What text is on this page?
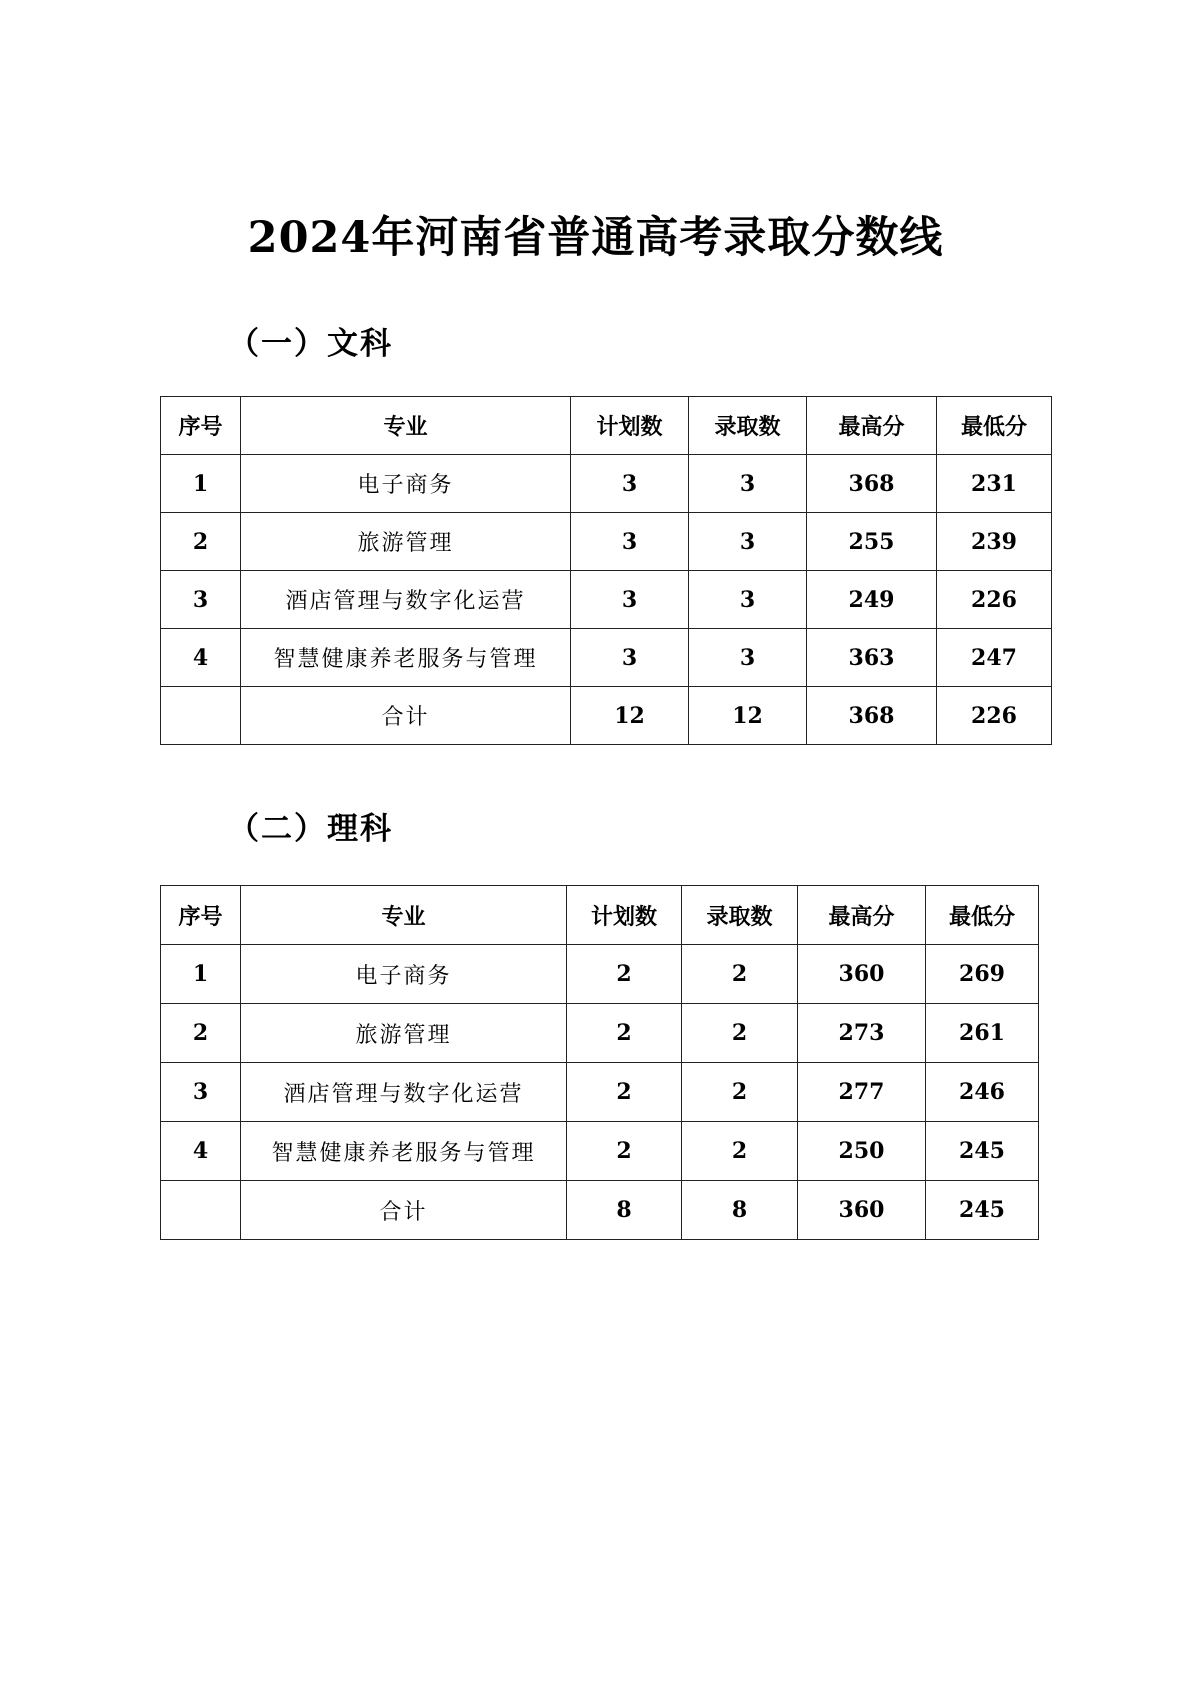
2024年河南省普通高考录取分数线
（一）文科
序号	专业	计划数	录取数	最高分	最低分
1	电子商务	3	3	368	231
2	旅游管理	3	3	255	239
3	酒店管理与数字化运营	3	3	249	226
4	智慧健康养老服务与管理	3	3	363	247
	合计	12	12	368	226
（二）理科
序号	专业	计划数	录取数	最高分	最低分
1	电子商务	2	2	360	269
2	旅游管理	2	2	273	261
3	酒店管理与数字化运营	2	2	277	246
4	智慧健康养老服务与管理	2	2	250	245
	合计	8	8	360	245
